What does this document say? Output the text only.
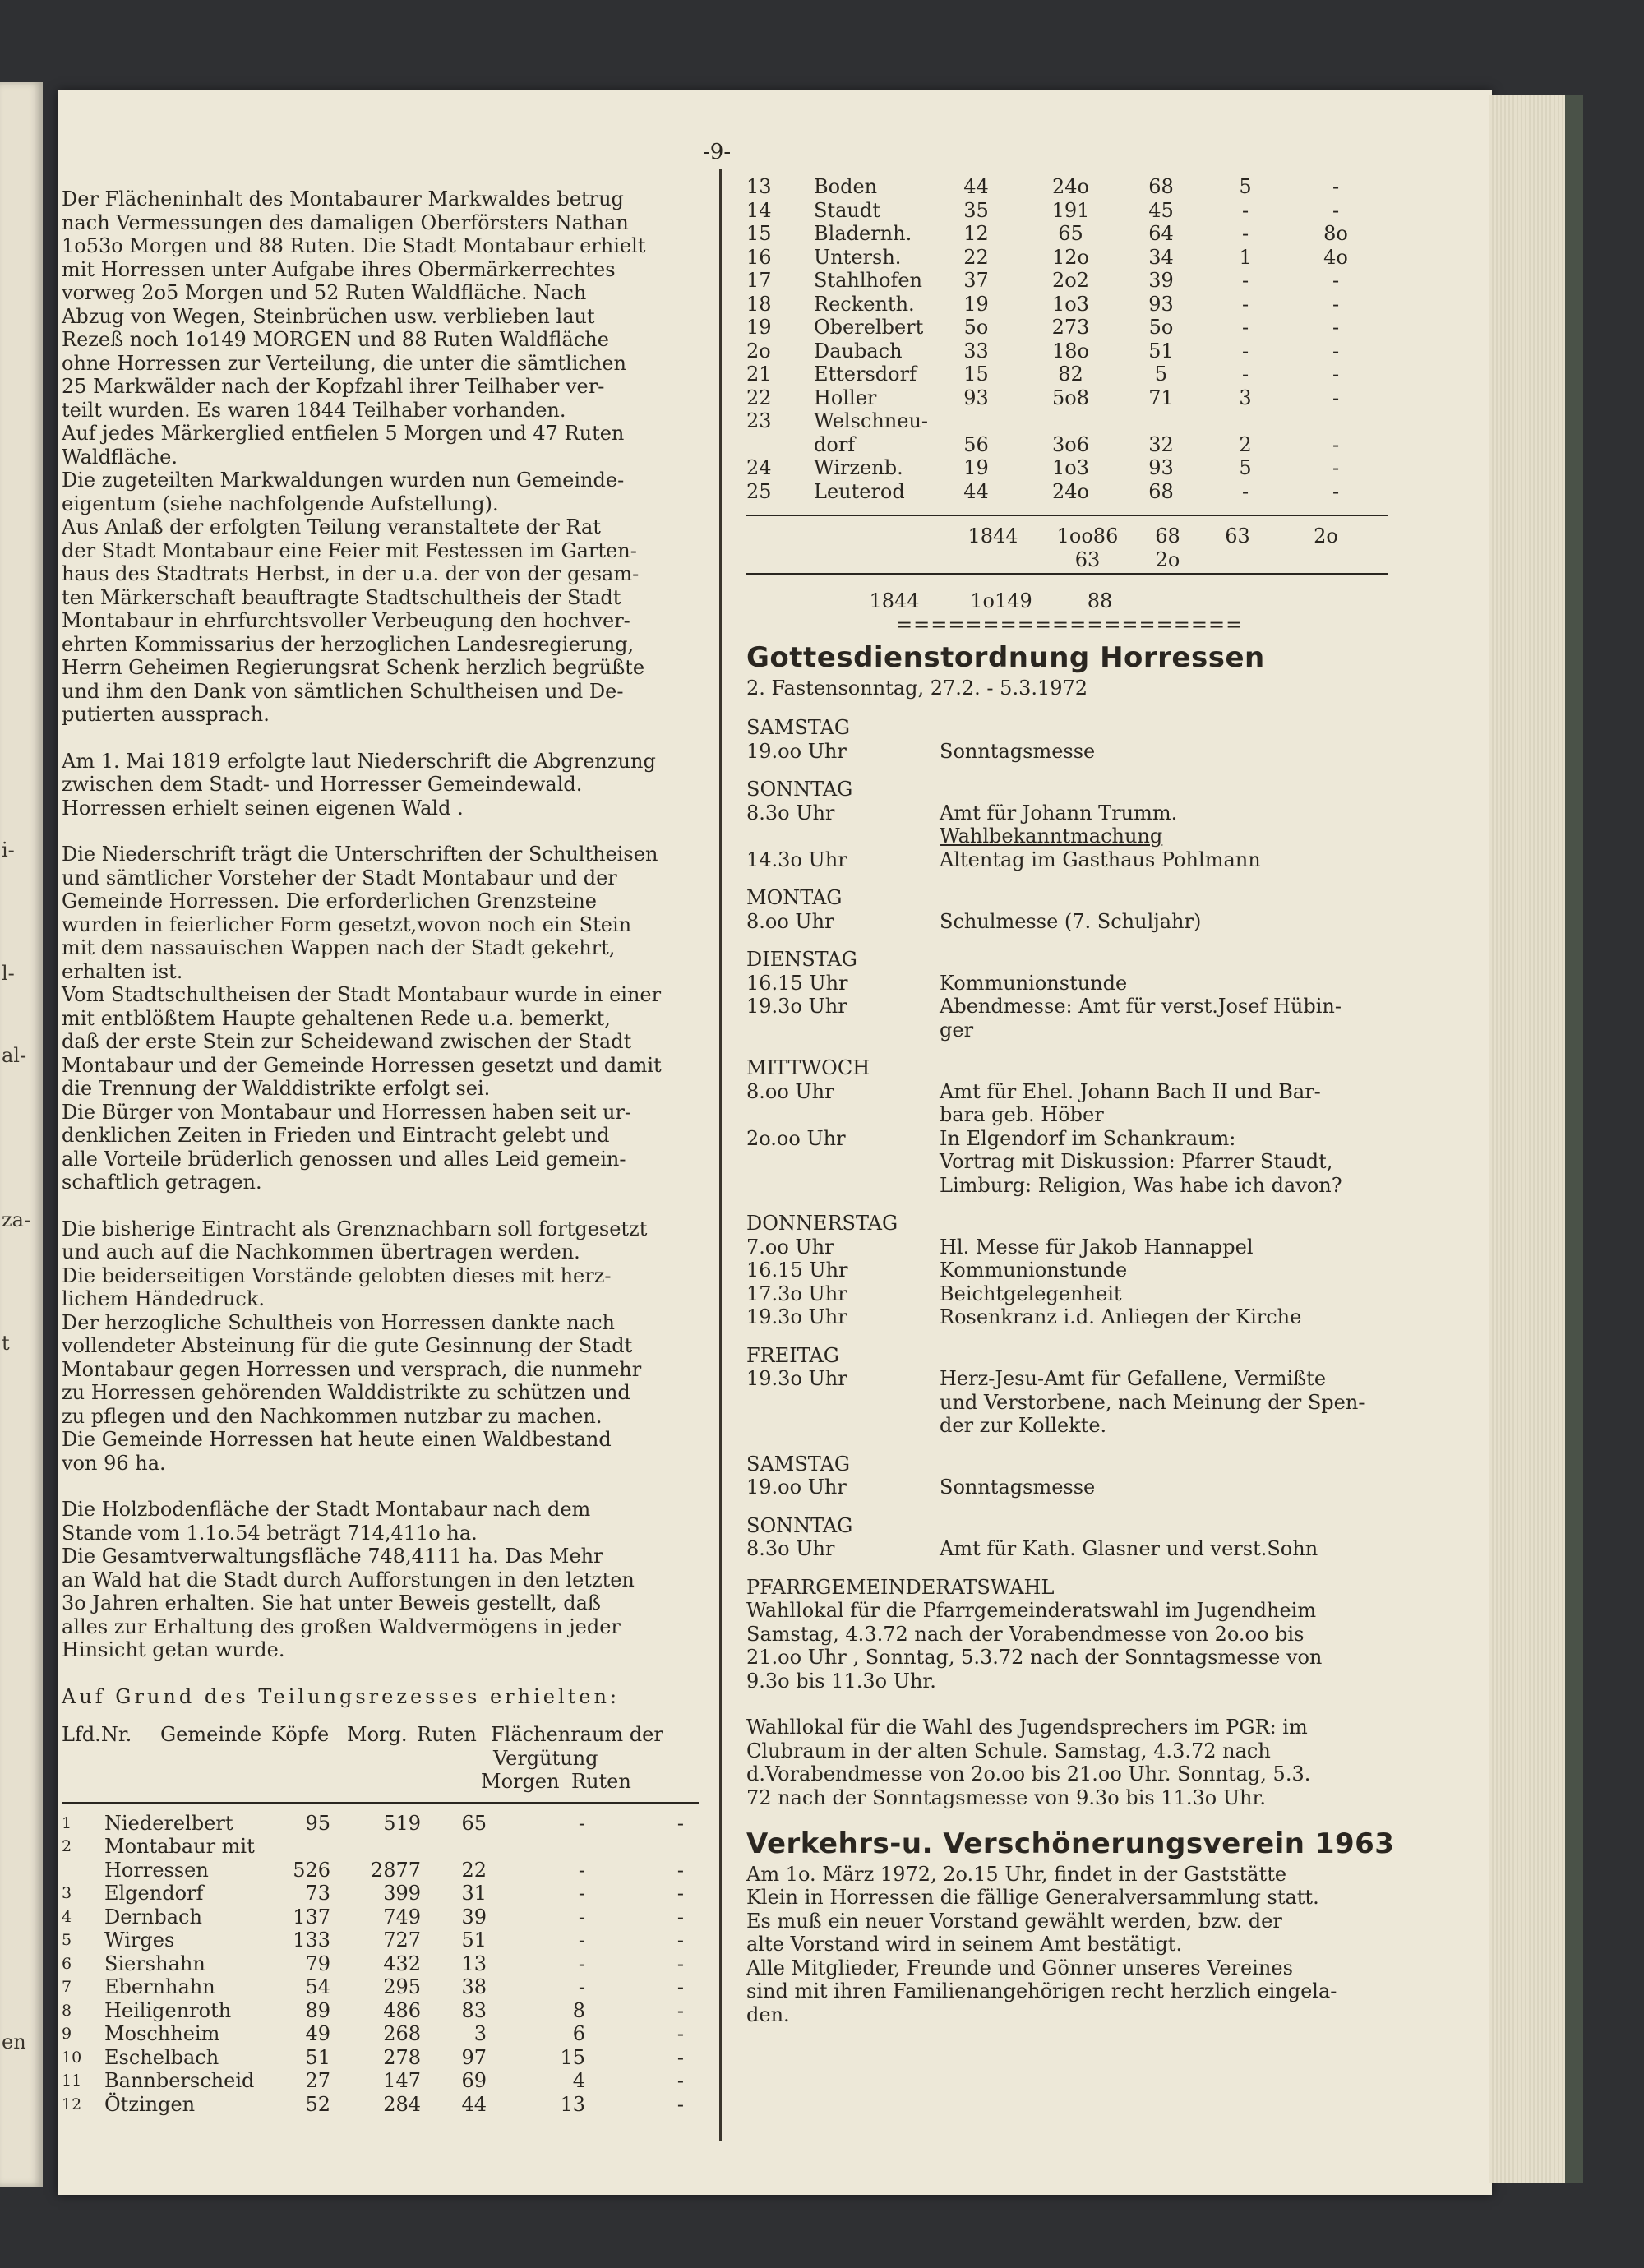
i-
l-
al-
za-
t
en
-9-

Der Flächeninhalt des Montabaurer Markwaldes betrug
nach Vermessungen des damaligen Oberförsters Nathan
1o53o Morgen und 88 Ruten. Die Stadt Montabaur erhielt
mit Horressen unter Aufgabe ihres Obermärkerrechtes
vorweg 2o5 Morgen und 52 Ruten Waldfläche. Nach
Abzug von Wegen, Steinbrüchen usw. verblieben laut
Rezeß noch 1o149 MORGEN und 88 Ruten Waldfläche
ohne Horressen zur Verteilung, die unter die sämtlichen
25 Markwälder nach der Kopfzahl ihrer Teilhaber ver-
teilt wurden. Es waren 1844 Teilhaber vorhanden.
Auf jedes Märkerglied entfielen 5 Morgen und 47 Ruten
Waldfläche.
Die zugeteilten Markwaldungen wurden nun Gemeinde-
eigentum (siehe nachfolgende Aufstellung).
Aus Anlaß der erfolgten Teilung veranstaltete der Rat
der Stadt Montabaur eine Feier mit Festessen im Garten-
haus des Stadtrats Herbst, in der u.a. der von der gesam-
ten Märkerschaft beauftragte Stadtschultheis der Stadt
Montabaur in ehrfurchtsvoller Verbeugung den hochver-
ehrten Kommissarius der herzoglichen Landesregierung,
Herrn Geheimen Regierungsrat Schenk herzlich begrüßte
und ihm den Dank von sämtlichen Schultheisen und De-
putierten aussprach.

Am 1. Mai 1819 erfolgte laut Niederschrift die Abgrenzung
zwischen dem Stadt- und Horresser Gemeindewald.
Horressen erhielt seinen eigenen Wald .

Die Niederschrift trägt die Unterschriften der Schultheisen
und sämtlicher Vorsteher der Stadt Montabaur und der
Gemeinde Horressen. Die erforderlichen Grenzsteine
wurden in feierlicher Form gesetzt,wovon noch ein Stein
mit dem nassauischen Wappen nach der Stadt gekehrt,
erhalten ist.
Vom Stadtschultheisen der Stadt Montabaur wurde in einer
mit entblößtem Haupte gehaltenen Rede u.a. bemerkt,
daß der erste Stein zur Scheidewand zwischen der Stadt
Montabaur und der Gemeinde Horressen gesetzt und damit
die Trennung der Walddistrikte erfolgt sei.
Die Bürger von Montabaur und Horressen haben seit ur-
denklichen Zeiten in Frieden und Eintracht gelebt und
alle Vorteile brüderlich genossen und alles Leid gemein-
schaftlich getragen.

Die bisherige Eintracht als Grenznachbarn soll fortgesetzt
und auch auf die Nachkommen übertragen werden.
Die beiderseitigen Vorstände gelobten dieses mit herz-
lichem Händedruck.
Der herzogliche Schultheis von Horressen dankte nach
vollendeter Absteinung für die gute Gesinnung der Stadt
Montabaur gegen Horressen und versprach, die nunmehr
zu Horressen gehörenden Walddistrikte zu schützen und
zu pflegen und den Nachkommen nutzbar zu machen.
Die Gemeinde Horressen hat heute einen Waldbestand
von 96 ha.

Die Holzbodenfläche der Stadt Montabaur nach dem
Stande vom 1.1o.54 beträgt 714,411o ha.
Die Gesamtverwaltungsfläche 748,4111 ha. Das Mehr
an Wald hat die Stadt durch Aufforstungen in den letzten
3o Jahren erhalten. Sie hat unter Beweis gestellt, daß
alles zur Erhaltung des großen Waldvermögens in jeder
Hinsicht getan wurde.

Auf Grund des Teilungsrezesses erhielten:
Lfd.Nr.	Gemeinde Köpfe Morg. Ruten Flächenraum der
Vergütung
Morgen Ruten
1	Niederelbert	95	519	65	-	-
2	Montabaur mit
Horressen	526	2877	22	-	-
3	Elgendorf	73	399	31	-	-
4	Dernbach	137	749	39	-	-
5	Wirges	133	727	51	-	-
6	Siershahn	79	432	13	-	-
7	Ebernhahn	54	295	38	-	-
8	Heiligenroth	89	486	83	8	-
9	Moschheim	49	268	3	6	-
10	Eschelbach	51	278	97	15	-
11	Bannberscheid	27	147	69	4	-
12	Ötzingen	52	284	44	13	-
13	Boden	44	24o	68	5	-
14	Staudt	35	191	45	-	-
15	Bladernh.	12	65	64	-	8o
16	Untersh.	22	12o	34	1	4o
17	Stahlhofen	37	2o2	39	-	-
18	Reckenth.	19	1o3	93	-	-
19	Oberelbert	5o	273	5o	-	-
2o	Daubach	33	18o	51	-	-
21	Ettersdorf	15	82	5	-	-
22	Holler	93	5o8	71	3	-
23	Welschneu-
dorf	56	3o6	32	2	-
24	Wirzenb.	19	1o3	93	5	-
25	Leuterod	44	24o	68	-	-
1844	1oo86	68	63	2o
63	2o
1844	1o149	88
====================
Gottesdienstordnung Horressen
2. Fastensonntag, 27.2. - 5.3.1972
SAMSTAG
19.oo Uhr	Sonntagsmesse
SONNTAG
8.3o Uhr	Amt für Johann Trumm.
Wahlbekanntmachung
14.3o Uhr	Altentag im Gasthaus Pohlmann
MONTAG
8.oo Uhr	Schulmesse (7. Schuljahr)
DIENSTAG
16.15 Uhr	Kommunionstunde
19.3o Uhr	Abendmesse: Amt für verst.Josef Hübin-
ger
MITTWOCH
8.oo Uhr	Amt für Ehel. Johann Bach II und Bar-
bara geb. Höber
2o.oo Uhr	In Elgendorf im Schankraum:
Vortrag mit Diskussion: Pfarrer Staudt,
Limburg: Religion, Was habe ich davon?
DONNERSTAG
7.oo Uhr	Hl. Messe für Jakob Hannappel
16.15 Uhr	Kommunionstunde
17.3o Uhr	Beichtgelegenheit
19.3o Uhr	Rosenkranz i.d. Anliegen der Kirche
FREITAG
19.3o Uhr	Herz-Jesu-Amt für Gefallene, Vermißte
und Verstorbene, nach Meinung der Spen-
der zur Kollekte.
SAMSTAG
19.oo Uhr	Sonntagsmesse
SONNTAG
8.3o Uhr	Amt für Kath. Glasner und verst.Sohn
PFARRGEMEINDERATSWAHL
Wahllokal für die Pfarrgemeinderatswahl im Jugendheim
Samstag, 4.3.72 nach der Vorabendmesse von 2o.oo bis
21.oo Uhr , Sonntag, 5.3.72 nach der Sonntagsmesse von
9.3o bis 11.3o Uhr.
Wahllokal für die Wahl des Jugendsprechers im PGR: im
Clubraum in der alten Schule. Samstag, 4.3.72 nach
d.Vorabendmesse von 2o.oo bis 21.oo Uhr. Sonntag, 5.3.
72 nach der Sonntagsmesse von 9.3o bis 11.3o Uhr.
Verkehrs-u. Verschönerungsverein 1963
Am 1o. März 1972, 2o.15 Uhr, findet in der Gaststätte
Klein in Horressen die fällige Generalversammlung statt.
Es muß ein neuer Vorstand gewählt werden, bzw. der
alte Vorstand wird in seinem Amt bestätigt.
Alle Mitglieder, Freunde und Gönner unseres Vereines
sind mit ihren Familienangehörigen recht herzlich eingela-
den.
